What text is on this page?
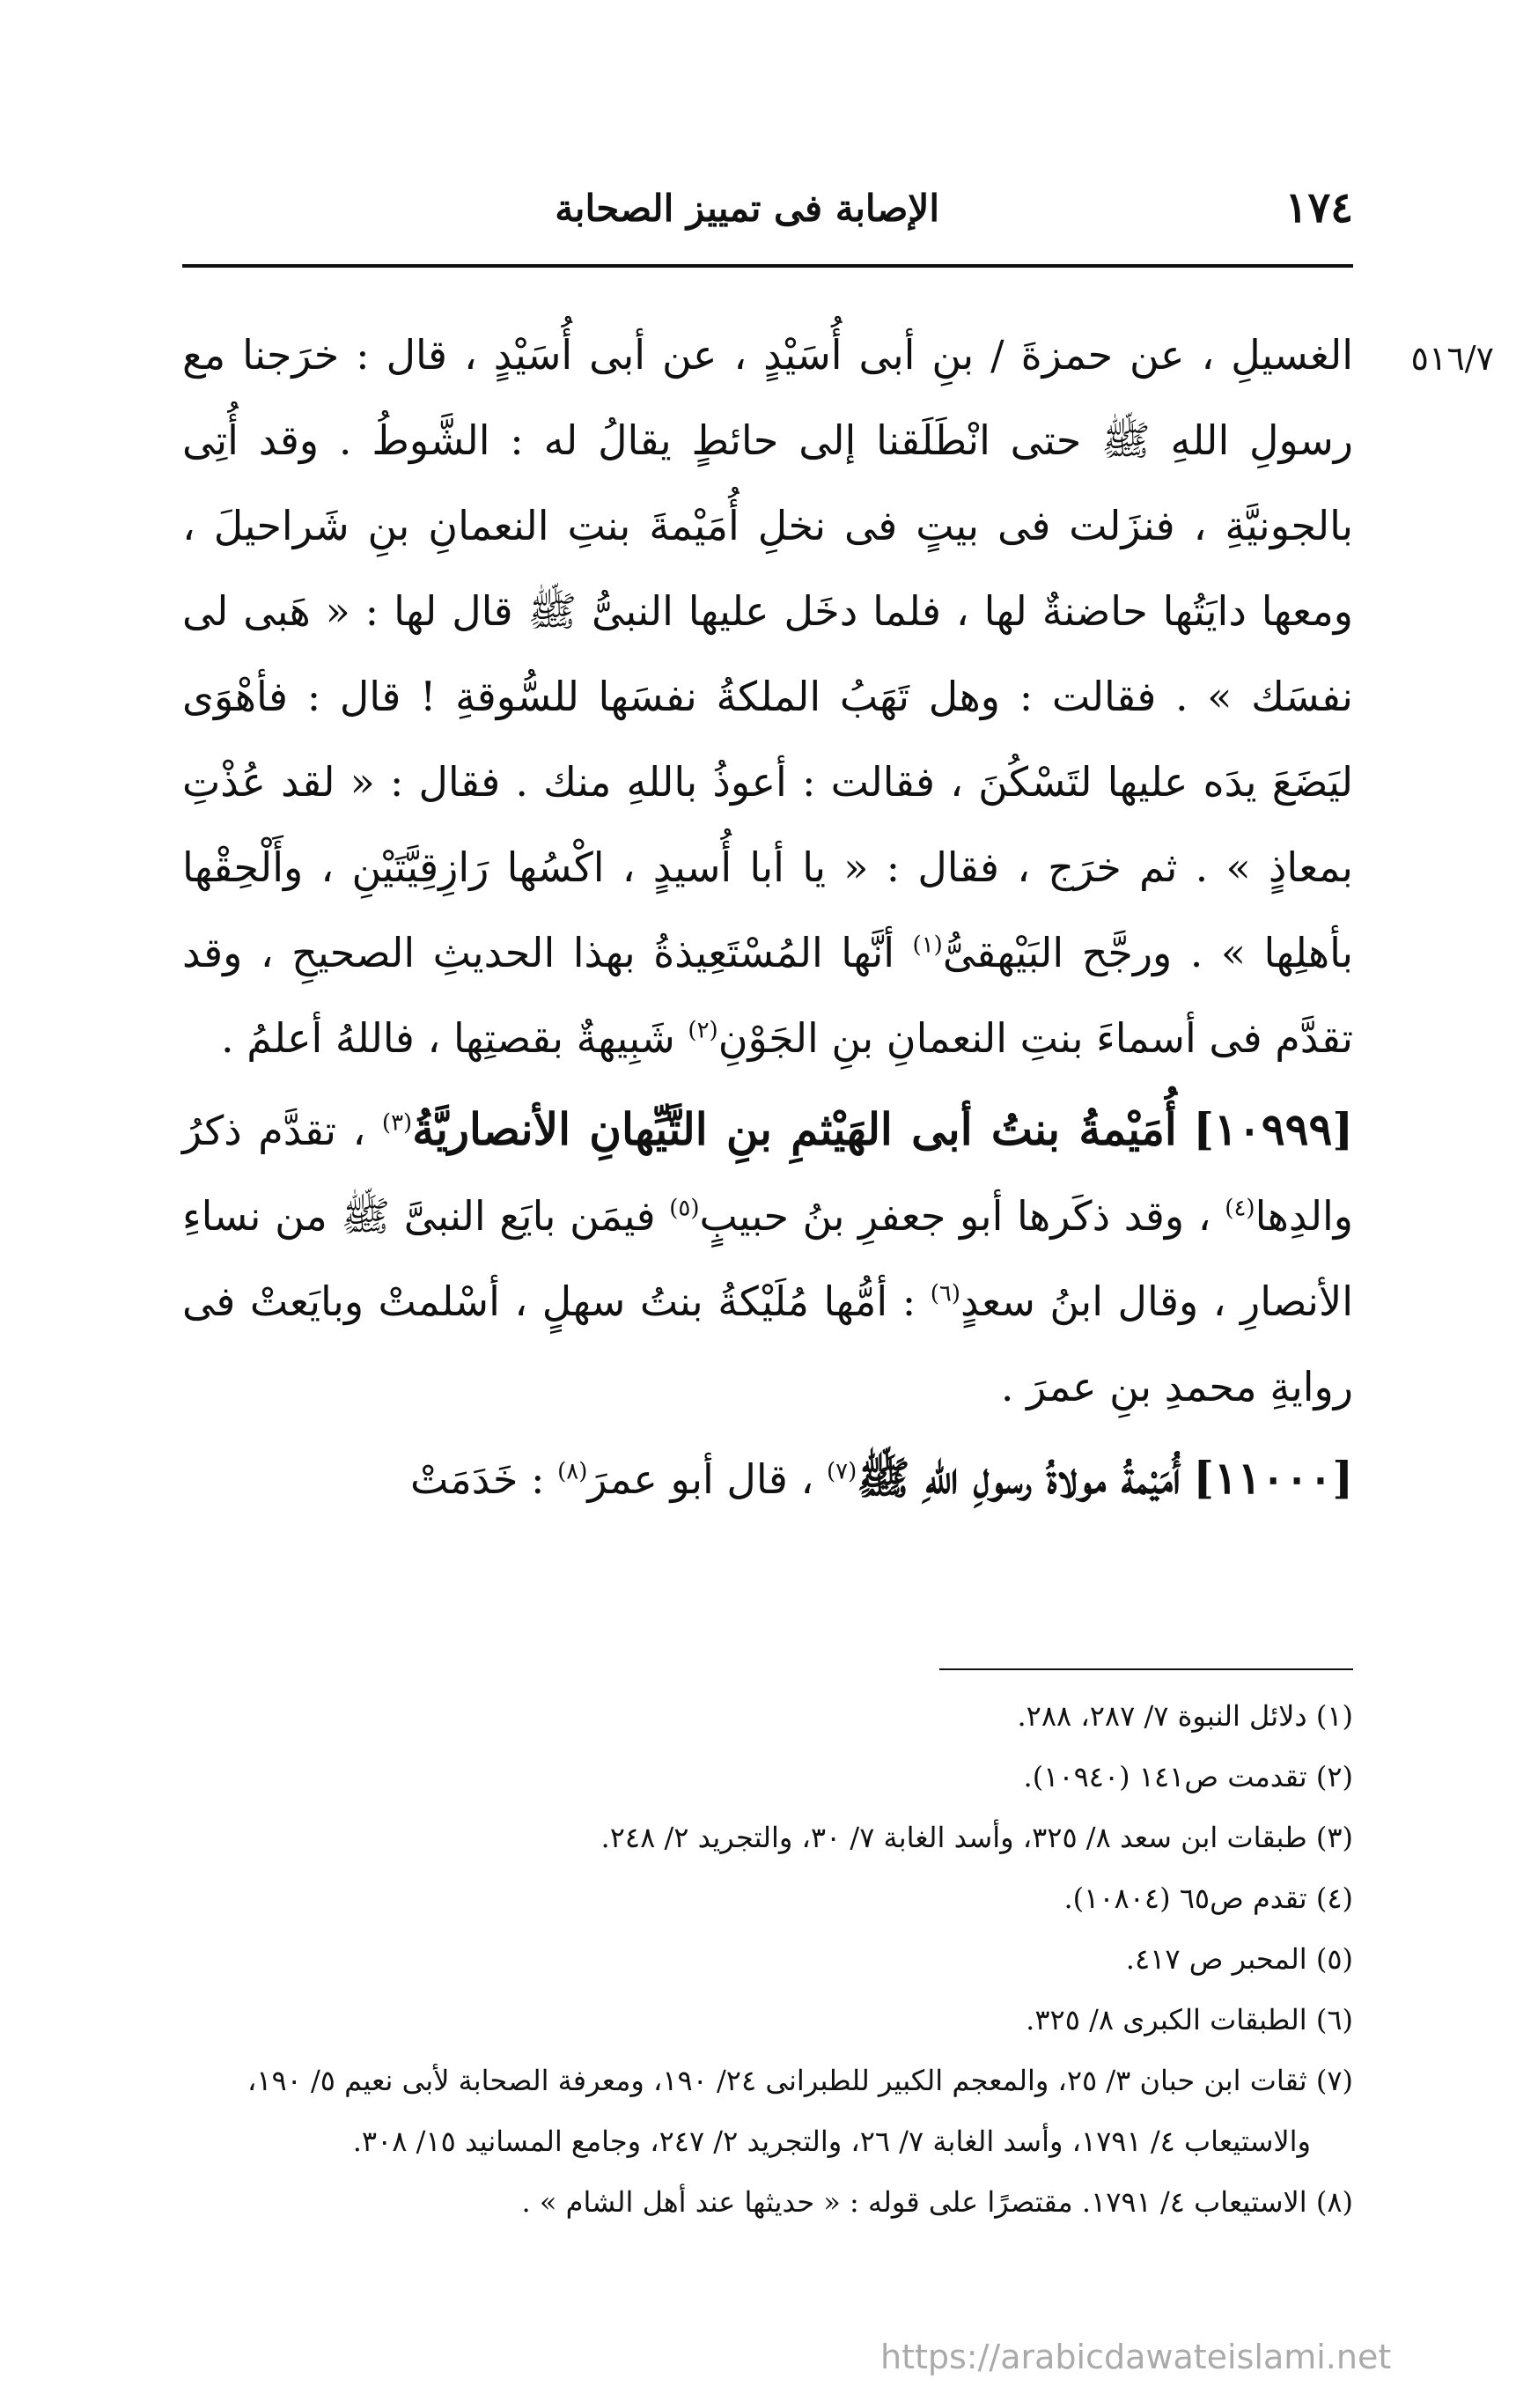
١٧٤
الإصابة فى تمييز الصحابة
٥١٦/٧

الغسيلِ ، عن حمزةَ / بنِ أبى أُسَيْدٍ ، عن أبى أُسَيْدٍ ، قال : خرَجنا مع رسولِ اللهِ ﷺ حتى انْطَلَقنا إلى حائطٍ يقالُ له : الشَّوطُ . وقد أُتِى بالجونيَّةِ ، فنزَلت فى بيتٍ فى نخلِ أُمَيْمةَ بنتِ النعمانِ بنِ شَراحيلَ ، ومعها دايَتُها حاضنةٌ لها ، فلما دخَل عليها النبىُّ ﷺ قال لها : « هَبى لى نفسَك » . فقالت : وهل تَهَبُ الملكةُ نفسَها للسُّوقةِ ! قال : فأهْوَى ليَضَعَ يدَه عليها لتَسْكُنَ ، فقالت : أعوذُ باللهِ منك . فقال : « لقد عُذْتِ بمعاذٍ » . ثم خرَج ، فقال : « يا أبا أُسيدٍ ، اكْسُها رَازِقِيَّتَيْنِ ، وأَلْحِقْها بأهلِها » . ورجَّح البَيْهقىُّ$^{(١)}$ أنَّها المُسْتَعِيذةُ بهذا الحديثِ الصحيحِ ، وقد تقدَّم فى أسماءَ بنتِ النعمانِ بنِ الجَوْنِ$^{(٢)}$ شَبِيهةٌ بقصتِها ، فاللهُ أعلمُ .

[١٠٩٩٩] أُمَيْمةُ بنتُ أبى الهَيْثمِ بنِ التَّيِّهانِ الأنصاريَّةُ$^{(٣)}$ ، تقدَّم ذكرُ والدِها$^{(٤)}$ ، وقد ذكَرها أبو جعفرِ بنُ حبيبٍ$^{(٥)}$ فيمَن بايَع النبىَّ ﷺ من نساءِ الأنصارِ ، وقال ابنُ سعدٍ$^{(٦)}$ : أمُّها مُلَيْكةُ بنتُ سهلٍ ، أسْلمتْ وبايَعتْ فى روايةِ محمدِ بنِ عمرَ .

[١١٠٠٠] أُمَيْمةُ مولاةُ رسولِ اللهِ ﷺ$^{(٧)}$ ، قال أبو عمرَ$^{(٨)}$ : خَدَمَتْ

(١) دلائل النبوة ٧/ ٢٨٧، ٢٨٨.
(٢) تقدمت ص١٤١ (١٠٩٤٠).
(٣) طبقات ابن سعد ٨/ ٣٢٥، وأسد الغابة ٧/ ٣٠، والتجريد ٢/ ٢٤٨.
(٤) تقدم ص٦٥ (١٠٨٠٤).
(٥) المحبر ص ٤١٧.
(٦) الطبقات الكبرى ٨/ ٣٢٥.
(٧) ثقات ابن حبان ٣/ ٢٥، والمعجم الكبير للطبرانى ٢٤/ ١٩٠، ومعرفة الصحابة لأبى نعيم ٥/ ١٩٠،
والاستيعاب ٤/ ١٧٩١، وأسد الغابة ٧/ ٢٦، والتجريد ٢/ ٢٤٧، وجامع المسانيد ١٥/ ٣٠٨.
(٨) الاستيعاب ٤/ ١٧٩١. مقتصرًا على قوله : « حديثها عند أهل الشام » .
https://arabicdawateislami.net
